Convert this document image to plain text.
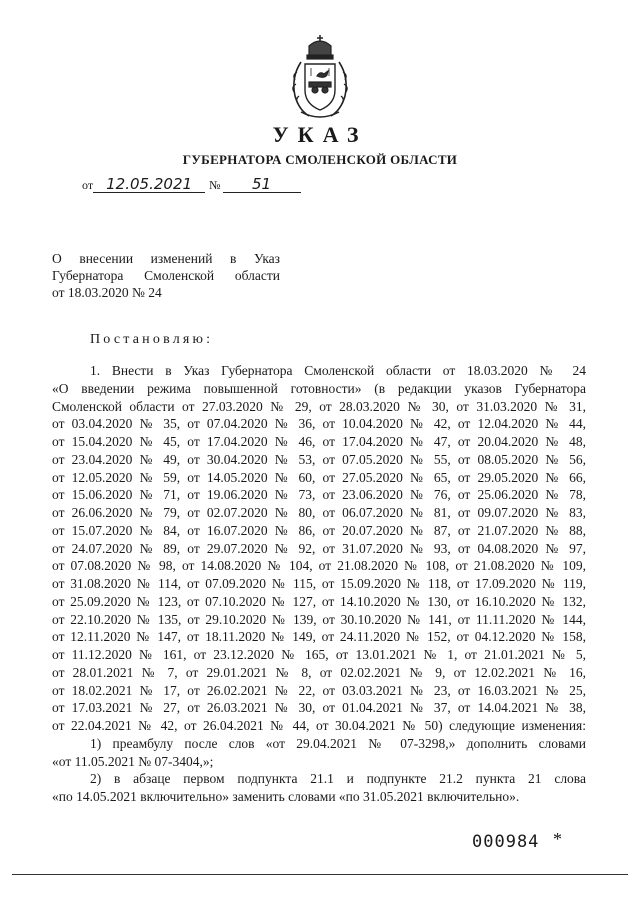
УКАЗ
ГУБЕРНАТОРА СМОЛЕНСКОЙ ОБЛАСТИ
от 12.05.2021 № 51
О внесении изменений в Указ
Губернатора Смоленской области
от 18.03.2020 № 24
Постановляю:
1. Внести в Указ Губернатора Смоленской области от 18.03.2020 № 24
«О введении режима повышенной готовности» (в редакции указов Губернатора
Смоленской области от 27.03.2020 № 29, от 28.03.2020 № 30, от 31.03.2020 № 31,
от 03.04.2020 № 35, от 07.04.2020 № 36, от 10.04.2020 № 42, от 12.04.2020 № 44,
от 15.04.2020 № 45, от 17.04.2020 № 46, от 17.04.2020 № 47, от 20.04.2020 № 48,
от 23.04.2020 № 49, от 30.04.2020 № 53, от 07.05.2020 № 55, от 08.05.2020 № 56,
от 12.05.2020 № 59, от 14.05.2020 № 60, от 27.05.2020 № 65, от 29.05.2020 № 66,
от 15.06.2020 № 71, от 19.06.2020 № 73, от 23.06.2020 № 76, от 25.06.2020 № 78,
от 26.06.2020 № 79, от 02.07.2020 № 80, от 06.07.2020 № 81, от 09.07.2020 № 83,
от 15.07.2020 № 84, от 16.07.2020 № 86, от 20.07.2020 № 87, от 21.07.2020 № 88,
от 24.07.2020 № 89, от 29.07.2020 № 92, от 31.07.2020 № 93, от 04.08.2020 № 97,
от 07.08.2020 № 98, от 14.08.2020 № 104, от 21.08.2020 № 108, от 21.08.2020 № 109,
от 31.08.2020 № 114, от 07.09.2020 № 115, от 15.09.2020 № 118, от 17.09.2020 № 119,
от 25.09.2020 № 123, от 07.10.2020 № 127, от 14.10.2020 № 130, от 16.10.2020 № 132,
от 22.10.2020 № 135, от 29.10.2020 № 139, от 30.10.2020 № 141, от 11.11.2020 № 144,
от 12.11.2020 № 147, от 18.11.2020 № 149, от 24.11.2020 № 152, от 04.12.2020 № 158,
от 11.12.2020 № 161, от 23.12.2020 № 165, от 13.01.2021 № 1, от 21.01.2021 № 5,
от 28.01.2021 № 7, от 29.01.2021 № 8, от 02.02.2021 № 9, от 12.02.2021 № 16,
от 18.02.2021 № 17, от 26.02.2021 № 22, от 03.03.2021 № 23, от 16.03.2021 № 25,
от 17.03.2021 № 27, от 26.03.2021 № 30, от 01.04.2021 № 37, от 14.04.2021 № 38,
от 22.04.2021 № 42, от 26.04.2021 № 44, от 30.04.2021 № 50) следующие изменения:
1) преамбулу после слов «от 29.04.2021 № 07-3298,» дополнить словами
«от 11.05.2021 № 07-3404,»;
2) в абзаце первом подпункта 21.1 и подпункте 21.2 пункта 21 слова
«по 14.05.2021 включительно» заменить словами «по 31.05.2021 включительно».
000984 *
